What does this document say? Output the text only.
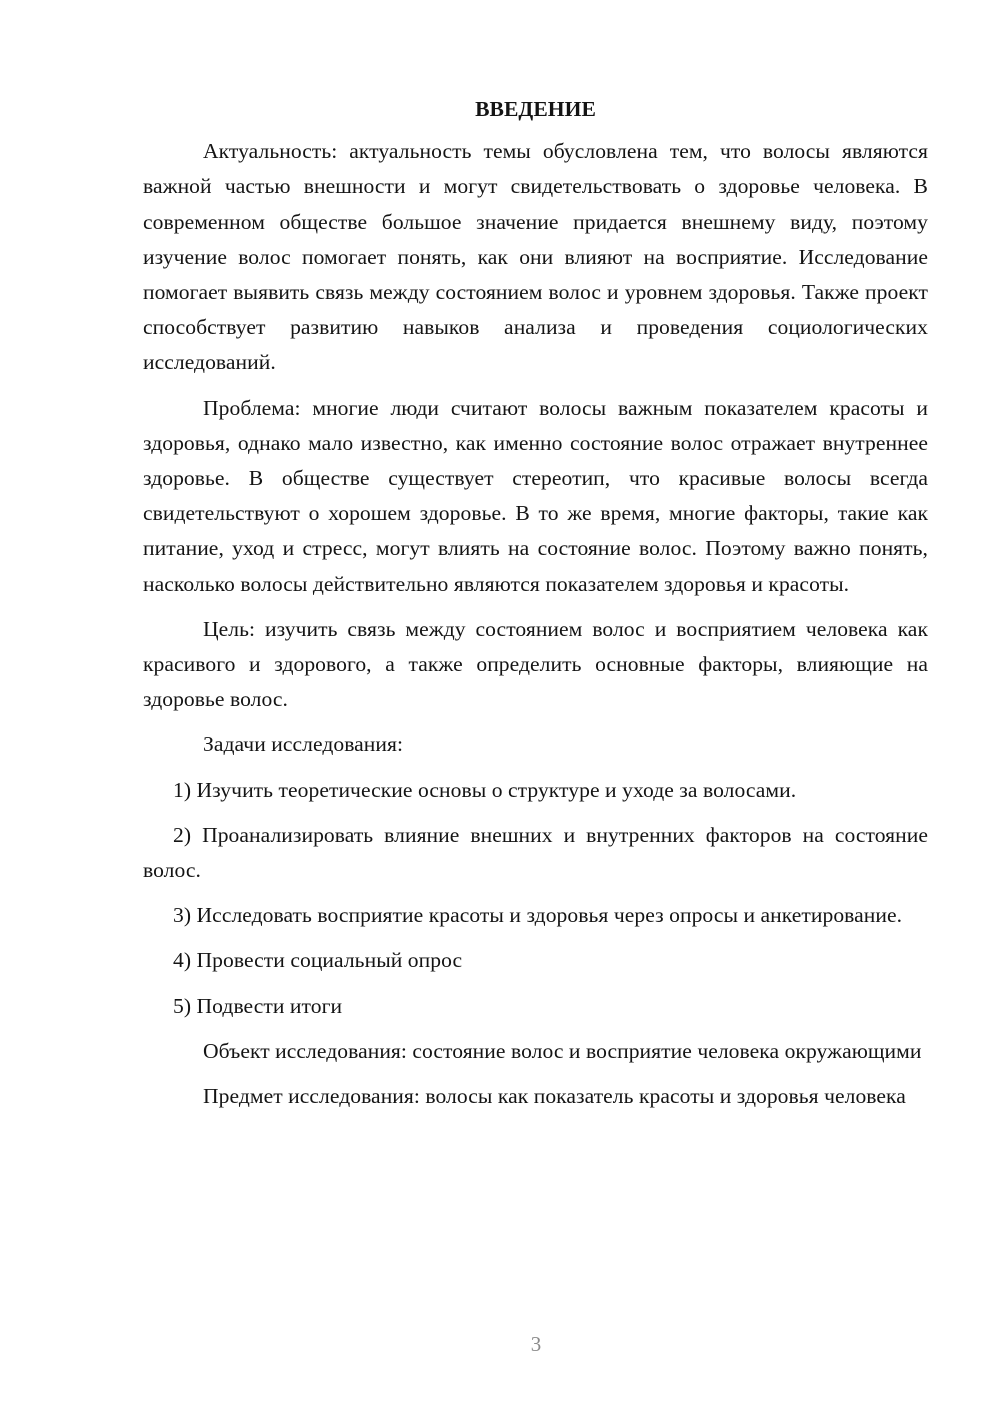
ВВЕДЕНИЕ

Актуальность: актуальность темы обусловлена тем, что волосы являются важной частью внешности и могут свидетельствовать о здоровье человека. В современном обществе большое значение придается внешнему виду, поэтому изучение волос помогает понять, как они влияют на восприятие. Исследование помогает выявить связь между состоянием волос и уровнем здоровья. Также проект способствует развитию навыков анализа и проведения социологических исследований.

Проблема: многие люди считают волосы важным показателем красоты и здоровья, однако мало известно, как именно состояние волос отражает внутреннее здоровье. В обществе существует стереотип, что красивые волосы всегда свидетельствуют о хорошем здоровье. В то же время, многие факторы, такие как питание, уход и стресс, могут влиять на состояние волос. Поэтому важно понять, насколько волосы действительно являются показателем здоровья и красоты.

Цель: изучить связь между состоянием волос и восприятием человека как красивого и здорового, а также определить основные факторы, влияющие на здоровье волос.

Задачи исследования:

1) Изучить теоретические основы о структуре и уходе за волосами.

2) Проанализировать влияние внешних и внутренних факторов на состояние волос.

3) Исследовать восприятие красоты и здоровья через опросы и анкетирование.

4) Провести социальный опрос

5) Подвести итоги

Объект исследования: состояние волос и восприятие человека окружающими

Предмет исследования: волосы как показатель красоты и здоровья человека

3
